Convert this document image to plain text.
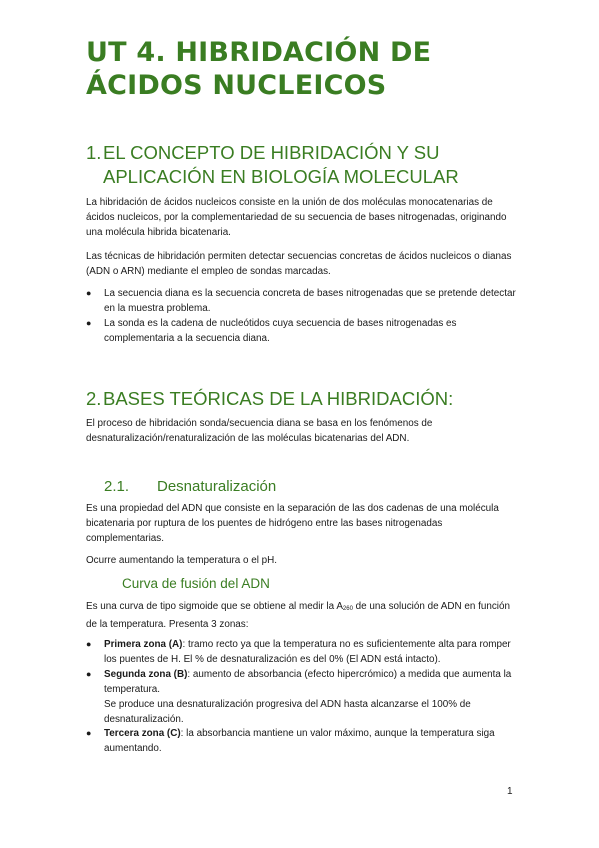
UT 4. HIBRIDACIÓN DE ÁCIDOS NUCLEICOS
1.EL CONCEPTO DE HIBRIDACIÓN Y SU
APLICACIÓN EN BIOLOGÍA MOLECULAR

La hibridación de ácidos nucleicos consiste en la unión de dos moléculas monocatenarias de ácidos nucleicos, por la complementariedad de su secuencia de bases nitrogenadas, originando una molécula hibrida bicatenaria.

Las técnicas de hibridación permiten detectar secuencias concretas de ácidos nucleicos o dianas (ADN o ARN) mediante el empleo de sondas marcadas.

●	La secuencia diana es la secuencia concreta de bases nitrogenadas que se pretende detectar en la muestra problema.
●	La sonda es la cadena de nucleótidos cuya secuencia de bases nitrogenadas es complementaria a la secuencia diana.
2.BASES TEÓRICAS DE LA HIBRIDACIÓN:

El proceso de hibridación sonda/secuencia diana se basa en los fenómenos de desnaturalización/renaturalización de las moléculas bicatenarias del ADN.

2.1. Desnaturalización

Es una propiedad del ADN que consiste en la separación de las dos cadenas de una molécula bicatenaria por ruptura de los puentes de hidrógeno entre las bases nitrogenadas complementarias.

Ocurre aumentando la temperatura o el pH.

Curva de fusión del ADN

Es una curva de tipo sigmoide que se obtiene al medir la A260 de una solución de ADN en función de la temperatura. Presenta 3 zonas:

●	Primera zona (A): tramo recto ya que la temperatura no es suficientemente alta para romper los puentes de H. El % de desnaturalización es del 0% (El ADN está intacto).
●	Segunda zona (B): aumento de absorbancia (efecto hipercrómico) a medida que aumenta la temperatura.
Se produce una desnaturalización progresiva del ADN hasta alcanzarse el 100% de desnaturalización.
●	Tercera zona (C): la absorbancia mantiene un valor máximo, aunque la temperatura siga aumentando.
1
